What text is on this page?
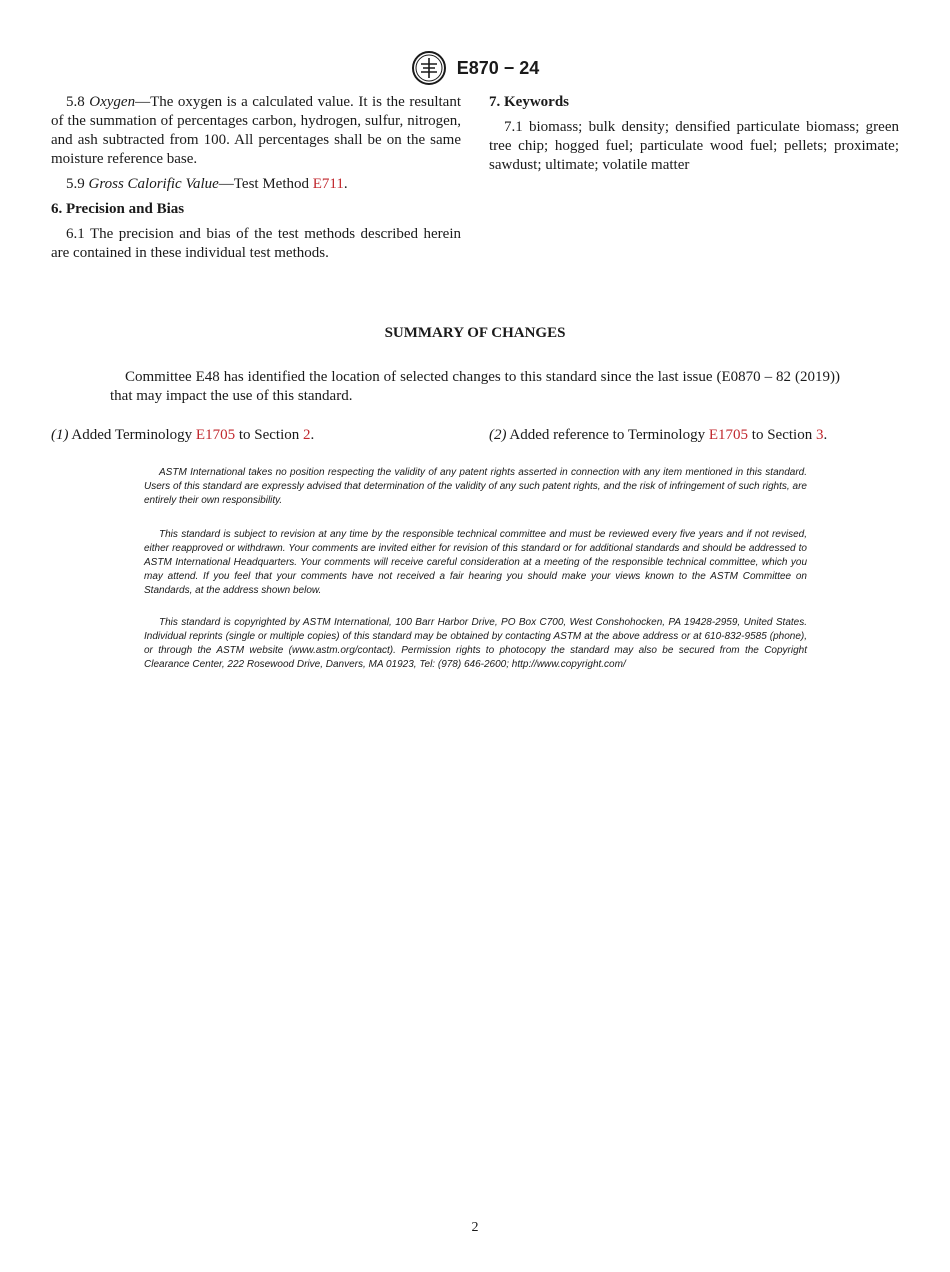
E870 − 24

5.8 Oxygen—The oxygen is a calculated value. It is the resultant of the summation of percentages carbon, hydrogen, sulfur, nitrogen, and ash subtracted from 100. All percentages shall be on the same moisture reference base.

5.9 Gross Calorific Value—Test Method E711.

6. Precision and Bias

6.1 The precision and bias of the test methods described herein are contained in these individual test methods.

7. Keywords

7.1 biomass; bulk density; densified particulate biomass; green tree chip; hogged fuel; particulate wood fuel; pellets; proximate; sawdust; ultimate; volatile matter

SUMMARY OF CHANGES
Committee E48 has identified the location of selected changes to this standard since the last issue (E0870 – 82 (2019)) that may impact the use of this standard.
(1) Added Terminology E1705 to Section 2.	(2) Added reference to Terminology E1705 to Section 3.

ASTM International takes no position respecting the validity of any patent rights asserted in connection with any item mentioned in this standard. Users of this standard are expressly advised that determination of the validity of any such patent rights, and the risk of infringement of such rights, are entirely their own responsibility.

This standard is subject to revision at any time by the responsible technical committee and must be reviewed every five years and if not revised, either reapproved or withdrawn. Your comments are invited either for revision of this standard or for additional standards and should be addressed to ASTM International Headquarters. Your comments will receive careful consideration at a meeting of the responsible technical committee, which you may attend. If you feel that your comments have not received a fair hearing you should make your views known to the ASTM Committee on Standards, at the address shown below.

This standard is copyrighted by ASTM International, 100 Barr Harbor Drive, PO Box C700, West Conshohocken, PA 19428-2959, United States. Individual reprints (single or multiple copies) of this standard may be obtained by contacting ASTM at the above address or at 610-832-9585 (phone), or through the ASTM website (www.astm.org/contact). Permission rights to photocopy the standard may also be secured from the Copyright Clearance Center, 222 Rosewood Drive, Danvers, MA 01923, Tel: (978) 646-2600; http://www.copyright.com/

2
